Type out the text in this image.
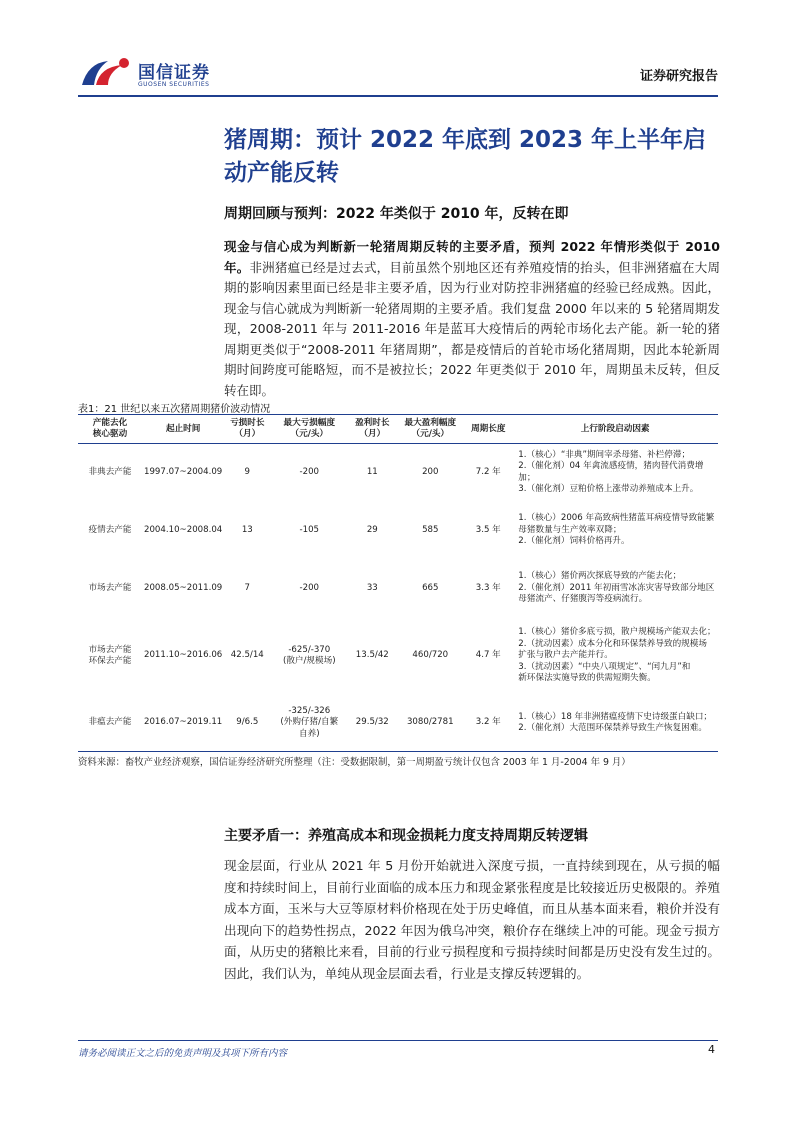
国信证券
GUOSEN SECURITIES
证券研究报告
猪周期：预计 2022 年底到 2023 年上半年启动产能反转
周期回顾与预判：2022 年类似于 2010 年，反转在即
现金与信心成为判断新一轮猪周期反转的主要矛盾，预判 2022 年情形类似于 2010 年。非洲猪瘟已经是过去式，目前虽然个别地区还有养殖疫情的抬头，但非洲猪瘟在大周期的影响因素里面已经是非主要矛盾，因为行业对防控非洲猪瘟的经验已经成熟。因此，现金与信心就成为判断新一轮猪周期的主要矛盾。我们复盘 2000 年以来的 5 轮猪周期发现，2008-2011 年与 2011-2016 年是蓝耳大疫情后的两轮市场化去产能。新一轮的猪周期更类似于“2008-2011 年猪周期”，都是疫情后的首轮市场化猪周期，因此本轮新周期时间跨度可能略短，而不是被拉长；2022 年更类似于 2010 年，周期虽未反转，但反转在即。
表1：21 世纪以来五次猪周期猪价波动情况
产能去化
核心驱动	起止时间	亏损时长
（月）	最大亏损幅度
（元/头）	盈利时长
（月）	最大盈利幅度
（元/头）	周期长度	上行阶段启动因素
非典去产能	1997.07~2004.09	9	-200	11	200	7.2 年	1.（核心）“非典”期间宰杀母猪、补栏停滞；
2.（催化剂）04 年禽流感疫情，猪肉替代消费增加；
3.（催化剂）豆粕价格上涨带动养殖成本上升。
疫情去产能	2004.10~2008.04	13	-105	29	585	3.5 年	1.（核心）2006 年高致病性猪蓝耳病疫情导致能繁
母猪数量与生产效率双降；
2.（催化剂）饲料价格再升。
市场去产能	2008.05~2011.09	7	-200	33	665	3.3 年	1.（核心）猪价两次探底导致的产能去化；
2.（催化剂）2011 年初雨雪冰冻灾害导致部分地区
母猪流产、仔猪腹泻等疫病流行。
市场去产能
环保去产能	2011.10~2016.06	42.5/14	-625/-370
(散户/规模场)	13.5/42	460/720	4.7 年	1.（核心）猪价多底亏损，散户规模场产能双去化；
2.（扰动因素）成本分化和环保禁养导致的规模场
扩张与散户去产能并行。
3.（扰动因素）“中央八项规定”、“闰九月”和
新环保法实施导致的供需短期失衡。
非瘟去产能	2016.07~2019.11	9/6.5	-325/-326
(外购仔猪/自繁
自养)	29.5/32	3080/2781	3.2 年	1.（核心）18 年非洲猪瘟疫情下史诗级蛋白缺口；
2.（催化剂）大范围环保禁养导致生产恢复困难。
资料来源：畜牧产业经济观察，国信证券经济研究所整理（注：受数据限制，第一周期盈亏统计仅包含 2003 年 1 月-2004 年 9 月）
主要矛盾一：养殖高成本和现金损耗力度支持周期反转逻辑
现金层面，行业从 2021 年 5 月份开始就进入深度亏损，一直持续到现在，从亏损的幅度和持续时间上，目前行业面临的成本压力和现金紧张程度是比较接近历史极限的。养殖成本方面，玉米与大豆等原材料价格现在处于历史峰值，而且从基本面来看，粮价并没有出现向下的趋势性拐点，2022 年因为俄乌冲突，粮价存在继续上冲的可能。现金亏损方面，从历史的猪粮比来看，目前的行业亏损程度和亏损持续时间都是历史没有发生过的。因此，我们认为，单纯从现金层面去看，行业是支撑反转逻辑的。
请务必阅读正文之后的免责声明及其项下所有内容	4
